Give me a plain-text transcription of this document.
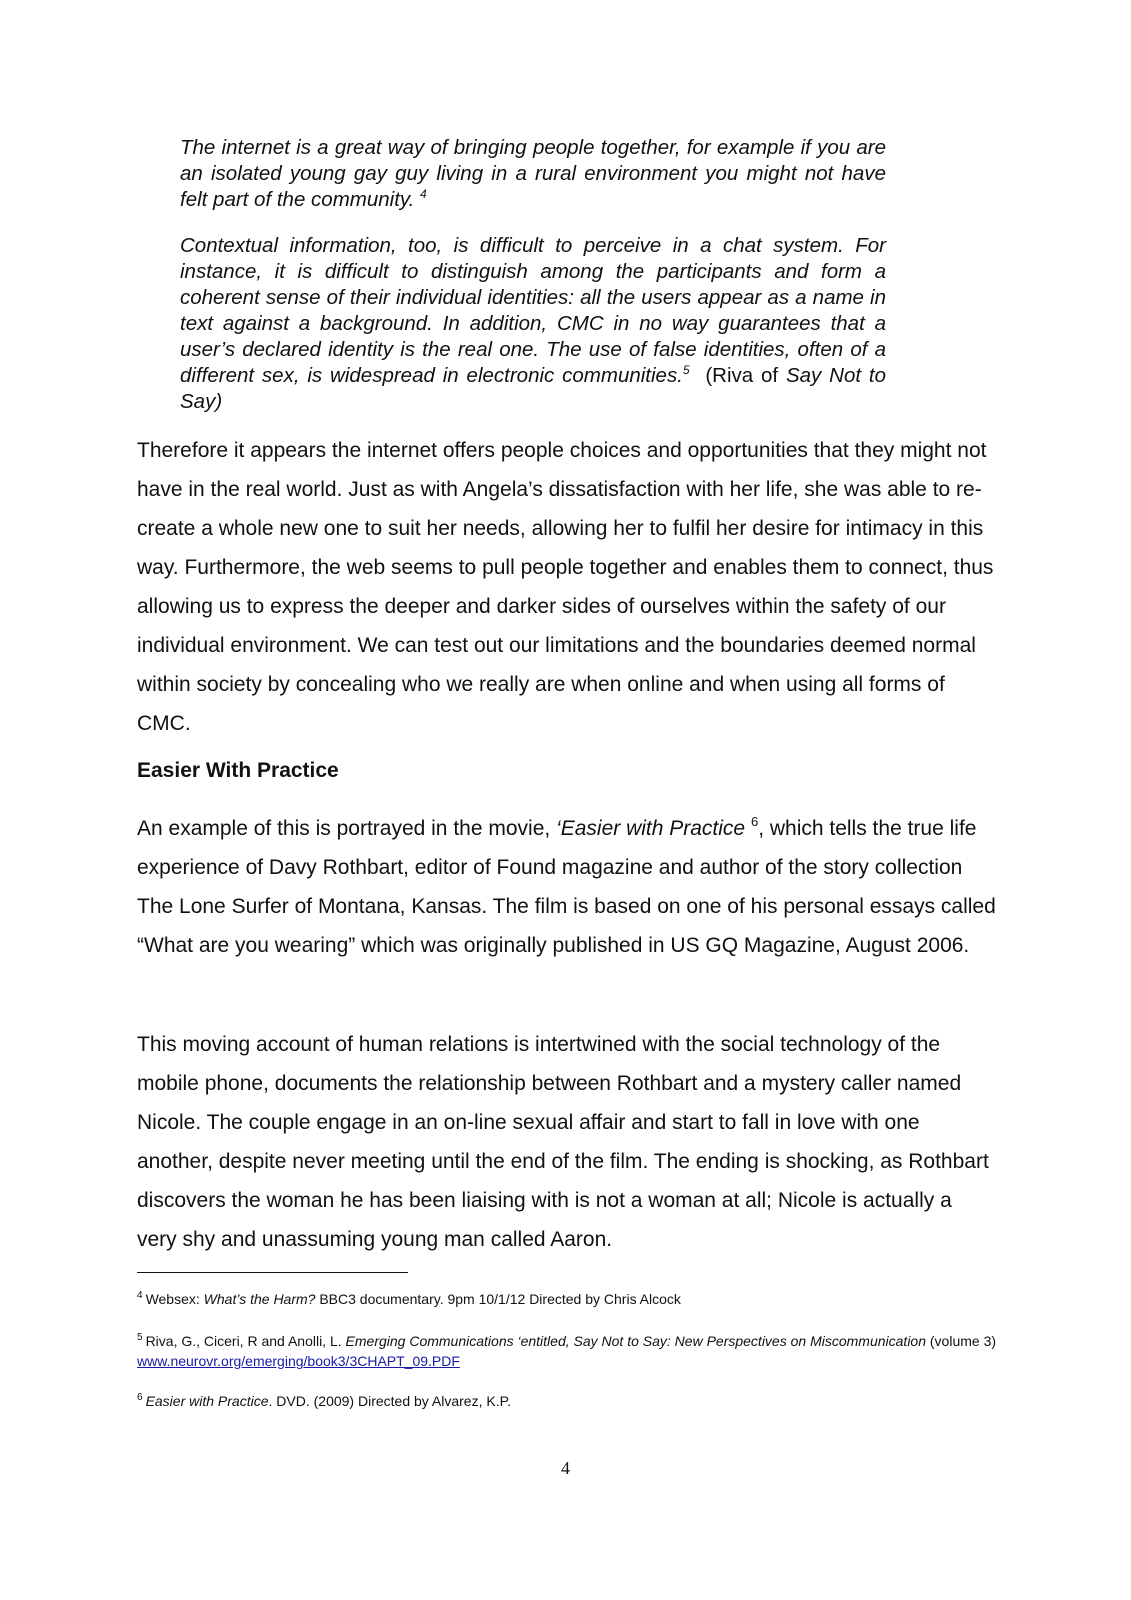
The internet is a great way of bringing people together, for example if you are an isolated young gay guy living in a rural environment you might not have felt part of the community. $^4$

Contextual information, too, is difficult to perceive in a chat system. For instance, it is difficult to distinguish among the participants and form a coherent sense of their individual identities: all the users appear as a name in text against a background. In addition, CMC in no way guarantees that a user’s declared identity is the real one. The use of false identities, often of a different sex, is widespread in electronic communities.$^5$ (Riva of Say Not to Say)

Therefore it appears the internet offers people choices and opportunities that they might not have in the real world. Just as with Angela’s dissatisfaction with her life, she was able to re-create a whole new one to suit her needs, allowing her to fulfil her desire for intimacy in this way. Furthermore, the web seems to pull people together and enables them to connect, thus allowing us to express the deeper and darker sides of ourselves within the safety of our individual environment. We can test out our limitations and the boundaries deemed normal within society by concealing who we really are when online and when using all forms of CMC.

Easier With Practice

An example of this is portrayed in the movie, ‘Easier with Practice $^6$, which tells the true life experience of Davy Rothbart, editor of Found magazine and author of the story collection The Lone Surfer of Montana, Kansas. The film is based on one of his personal essays called “What are you wearing” which was originally published in US GQ Magazine, August 2006.

This moving account of human relations is intertwined with the social technology of the mobile phone, documents the relationship between Rothbart and a mystery caller named Nicole. The couple engage in an on-line sexual affair and start to fall in love with one another, despite never meeting until the end of the film. The ending is shocking, as Rothbart discovers the woman he has been liaising with is not a woman at all; Nicole is actually a very shy and unassuming young man called Aaron.

$^4$ Websex: What’s the Harm? BBC3 documentary. 9pm 10/1/12 Directed by Chris Alcock

$^5$ Riva, G., Ciceri, R and Anolli, L. Emerging Communications ‘entitled, Say Not to Say: New Perspectives on Miscommunication (volume 3) www.neurovr.org/emerging/book3/3CHAPT_09.PDF

$^6$ Easier with Practice. DVD. (2009) Directed by Alvarez, K.P.

4
